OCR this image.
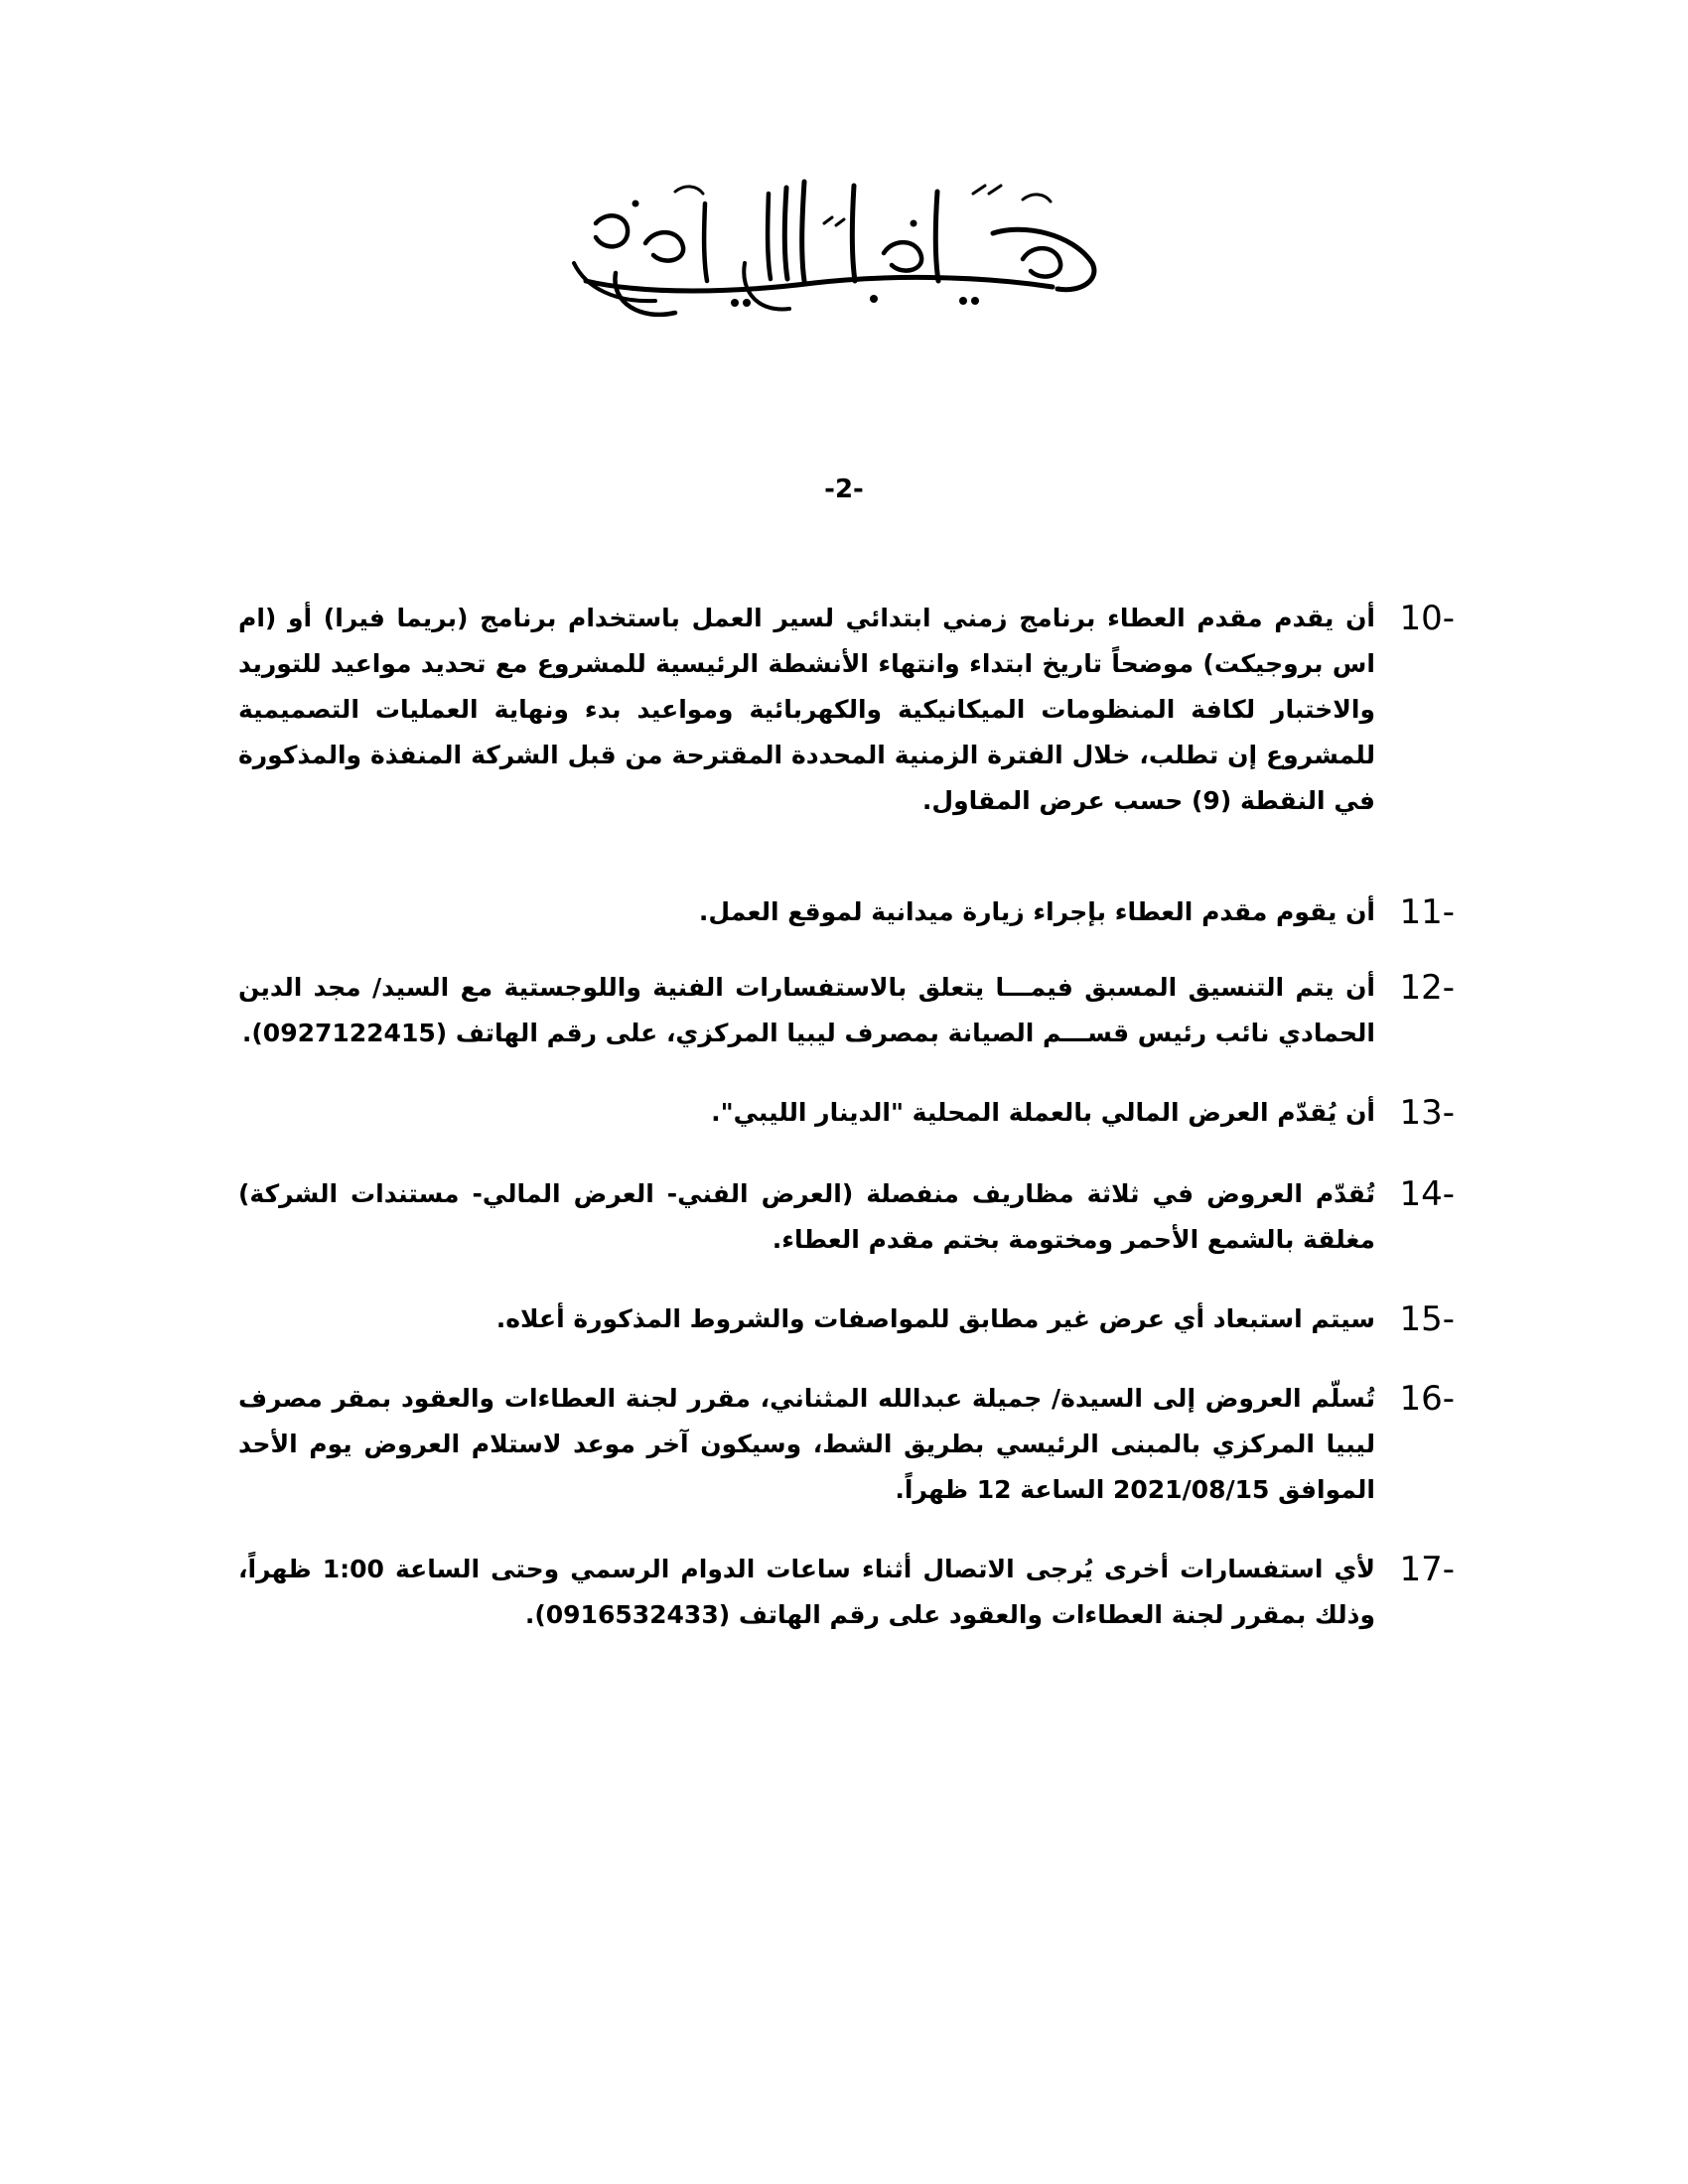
-2-
10-
أن يقدم مقدم العطاء برنامج زمني ابتدائي لسير العمل باستخدام برنامج (بريما فيرا) أو (ام اس بروجيكت) موضحاً تاريخ ابتداء وانتهاء الأنشطة الرئيسية للمشروع مع تحديد مواعيد للتوريد والاختبار لكافة المنظومات الميكانيكية والكهربائية ومواعيد بدء ونهاية العمليات التصميمية للمشروع إن تطلب، خلال الفترة الزمنية المحددة المقترحة من قبل الشركة المنفذة والمذكورة في النقطة (9) حسب عرض المقاول.
11-
أن يقوم مقدم العطاء بإجراء زيارة ميدانية لموقع العمل.
12-
أن يتم التنسيق المسبق فيمـــا يتعلق بالاستفسارات الفنية واللوجستية مع السيد/ مجد الدين الحمادي نائب رئيس قســـم الصيانة بمصرف ليبيا المركزي، على رقم الهاتف (0927122415).
13-
أن يُقدّم العرض المالي بالعملة المحلية "الدينار الليبي".
14-
تُقدّم العروض في ثلاثة مظاريف منفصلة (العرض الفني- العرض المالي- مستندات الشركة) مغلقة بالشمع الأحمر ومختومة بختم مقدم العطاء.
15-
سيتم استبعاد أي عرض غير مطابق للمواصفات والشروط المذكورة أعلاه.
16-
تُسلّم العروض إلى السيدة/ جميلة عبدالله المثناني، مقرر لجنة العطاءات والعقود بمقر مصرف ليبيا المركزي بالمبنى الرئيسي بطريق الشط، وسيكون آخر موعد لاستلام العروض يوم الأحد الموافق 2021/08/15 الساعة 12 ظهراً.
17-
لأي استفسارات أخرى يُرجى الاتصال أثناء ساعات الدوام الرسمي وحتى الساعة 1:00 ظهراً، وذلك بمقرر لجنة العطاءات والعقود على رقم الهاتف (0916532433).
